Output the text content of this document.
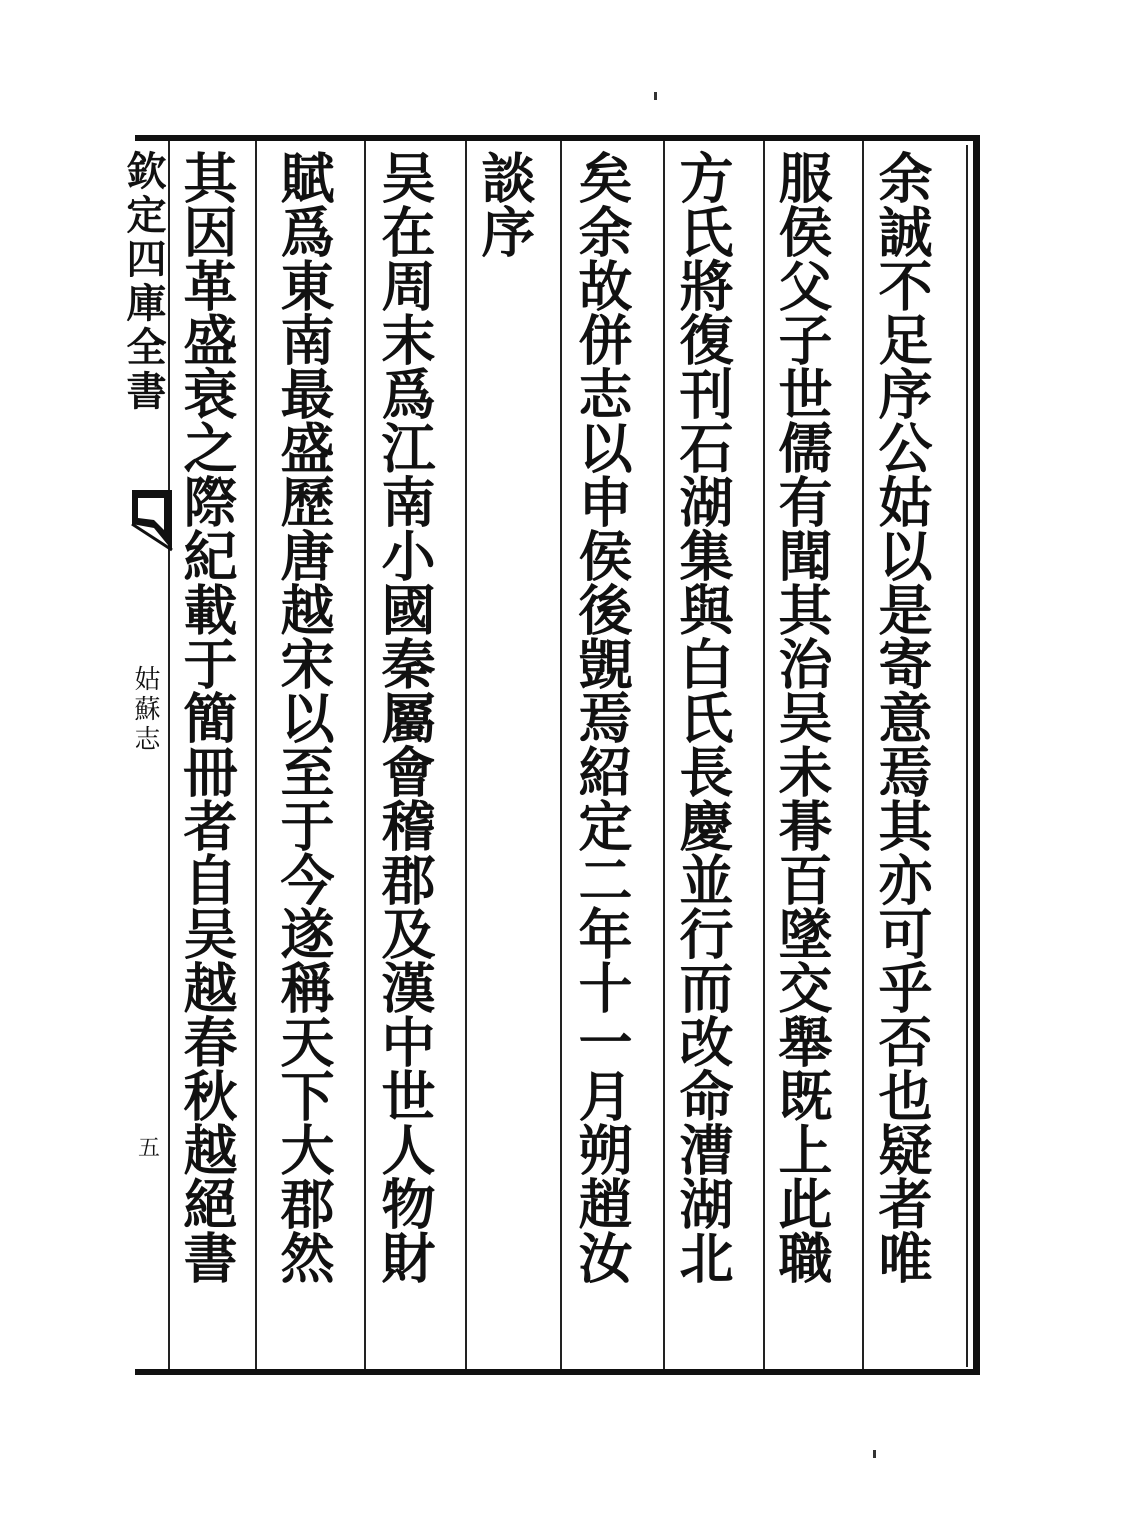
余誠不足序公姑以是寄意焉其亦可乎否也疑者唯
服侯父子世儒有聞其治吴未朞百墜交舉既上此職
方氏將復刊石湖集與白氏長慶並行而改命漕湖北
矣余故併志以申侯後覬焉紹定二年十一月朔趙汝
談序
吴在周末爲江南小國秦屬會稽郡及漢中世人物財
賦爲東南最盛歷唐越宋以至于今遂稱天下大郡然
其因革盛衰之際紀載于簡冊者自吴越春秋越絕書
欽定四庫全書
姑蘇志
五
